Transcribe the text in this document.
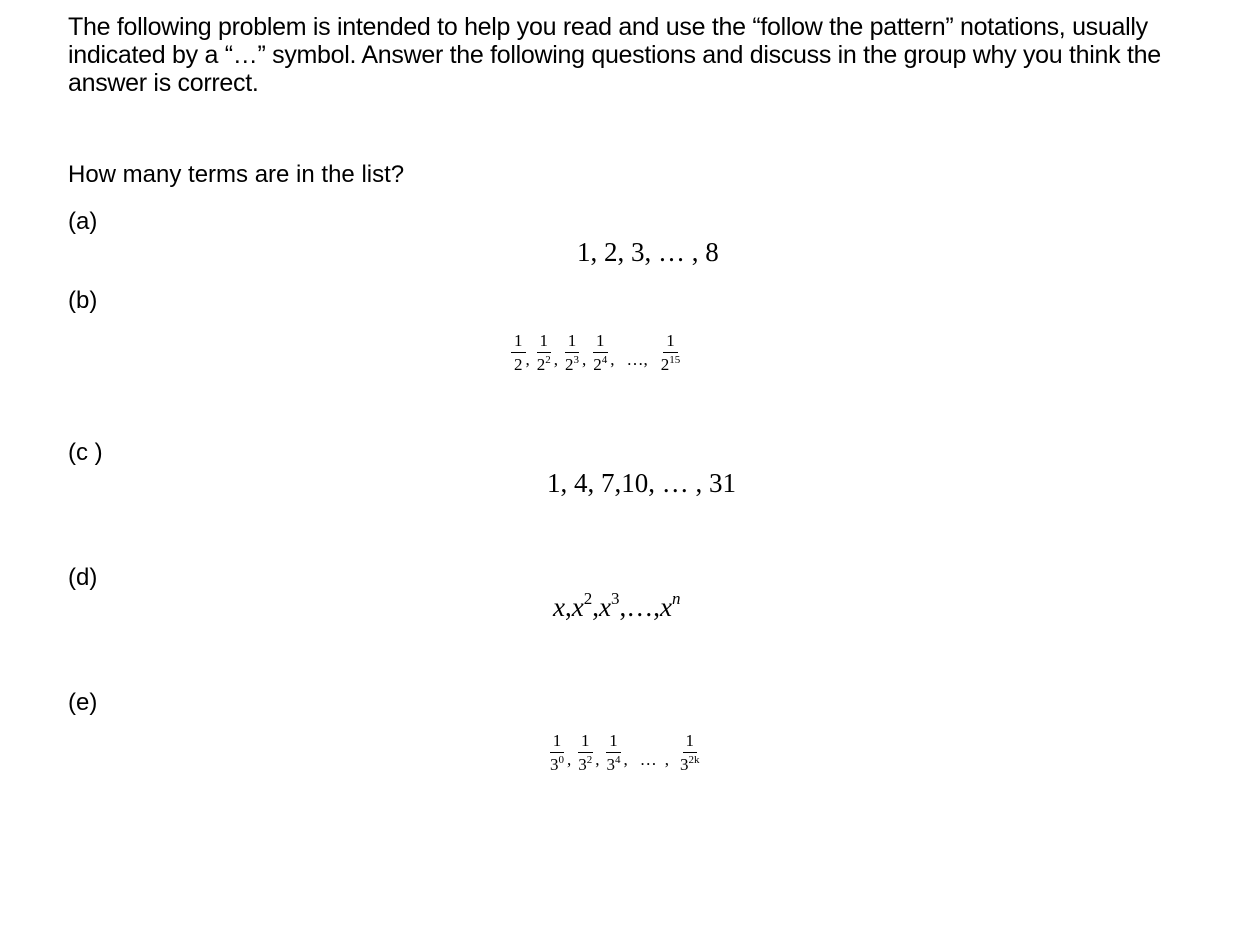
The following problem is intended to help you read and use the “follow the pattern” notations, usually indicated by a “…” symbol. Answer the following questions and discuss in the group why you think the answer is correct.

How many terms are in the list?

(a)
1, 2, 3, … , 8
(b)
$\frac{1}{2}$ , $\frac{1}{2^2}$ , $\frac{1}{2^3}$ , $\frac{1}{2^4}$ , …, $\frac{1}{2^{15}}$
(c )
1, 4, 7,10, … , 31
(d)
$x,x^2,x^3,\dots,x^n$
(e)
$\frac{1}{3^0}$ , $\frac{1}{3^2}$ , $\frac{1}{3^4}$ , … , $\frac{1}{3^{2k}}$
